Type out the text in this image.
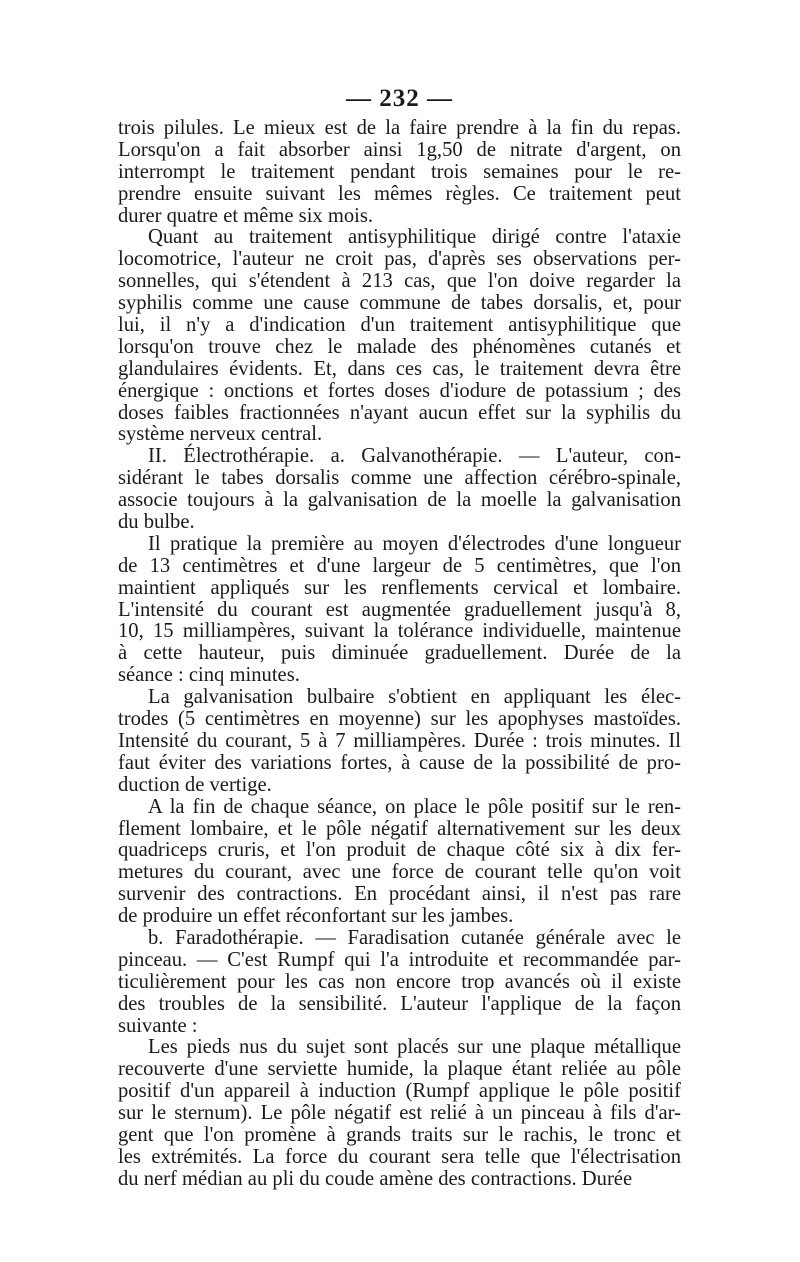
— 232 —
trois pilules. Le mieux est de la faire prendre à la fin du repas.
Lorsqu'on a fait absorber ainsi 1g,50 de nitrate d'argent, on
interrompt le traitement pendant trois semaines pour le re-
prendre ensuite suivant les mêmes règles. Ce traitement peut
durer quatre et même six mois.
Quant au traitement antisyphilitique dirigé contre l'ataxie
locomotrice, l'auteur ne croit pas, d'après ses observations per-
sonnelles, qui s'étendent à 213 cas, que l'on doive regarder la
syphilis comme une cause commune de tabes dorsalis, et, pour
lui, il n'y a d'indication d'un traitement antisyphilitique que
lorsqu'on trouve chez le malade des phénomènes cutanés et
glandulaires évidents. Et, dans ces cas, le traitement devra être
énergique : onctions et fortes doses d'iodure de potassium ; des
doses faibles fractionnées n'ayant aucun effet sur la syphilis du
système nerveux central.
II. Électrothérapie. a. Galvanothérapie. — L'auteur, con-
sidérant le tabes dorsalis comme une affection cérébro-spinale,
associe toujours à la galvanisation de la moelle la galvanisation
du bulbe.
Il pratique la première au moyen d'électrodes d'une longueur
de 13 centimètres et d'une largeur de 5 centimètres, que l'on
maintient appliqués sur les renflements cervical et lombaire.
L'intensité du courant est augmentée graduellement jusqu'à 8,
10, 15 milliampères, suivant la tolérance individuelle, maintenue
à cette hauteur, puis diminuée graduellement. Durée de la
séance : cinq minutes.
La galvanisation bulbaire s'obtient en appliquant les élec-
trodes (5 centimètres en moyenne) sur les apophyses mastoïdes.
Intensité du courant, 5 à 7 milliampères. Durée : trois minutes. Il
faut éviter des variations fortes, à cause de la possibilité de pro-
duction de vertige.
A la fin de chaque séance, on place le pôle positif sur le ren-
flement lombaire, et le pôle négatif alternativement sur les deux
quadriceps cruris, et l'on produit de chaque côté six à dix fer-
metures du courant, avec une force de courant telle qu'on voit
survenir des contractions. En procédant ainsi, il n'est pas rare
de produire un effet réconfortant sur les jambes.
b. Faradothérapie. — Faradisation cutanée générale avec le
pinceau. — C'est Rumpf qui l'a introduite et recommandée par-
ticulièrement pour les cas non encore trop avancés où il existe
des troubles de la sensibilité. L'auteur l'applique de la façon
suivante :
Les pieds nus du sujet sont placés sur une plaque métallique
recouverte d'une serviette humide, la plaque étant reliée au pôle
positif d'un appareil à induction (Rumpf applique le pôle positif
sur le sternum). Le pôle négatif est relié à un pinceau à fils d'ar-
gent que l'on promène à grands traits sur le rachis, le tronc et
les extrémités. La force du courant sera telle que l'électrisation
du nerf médian au pli du coude amène des contractions. Durée
